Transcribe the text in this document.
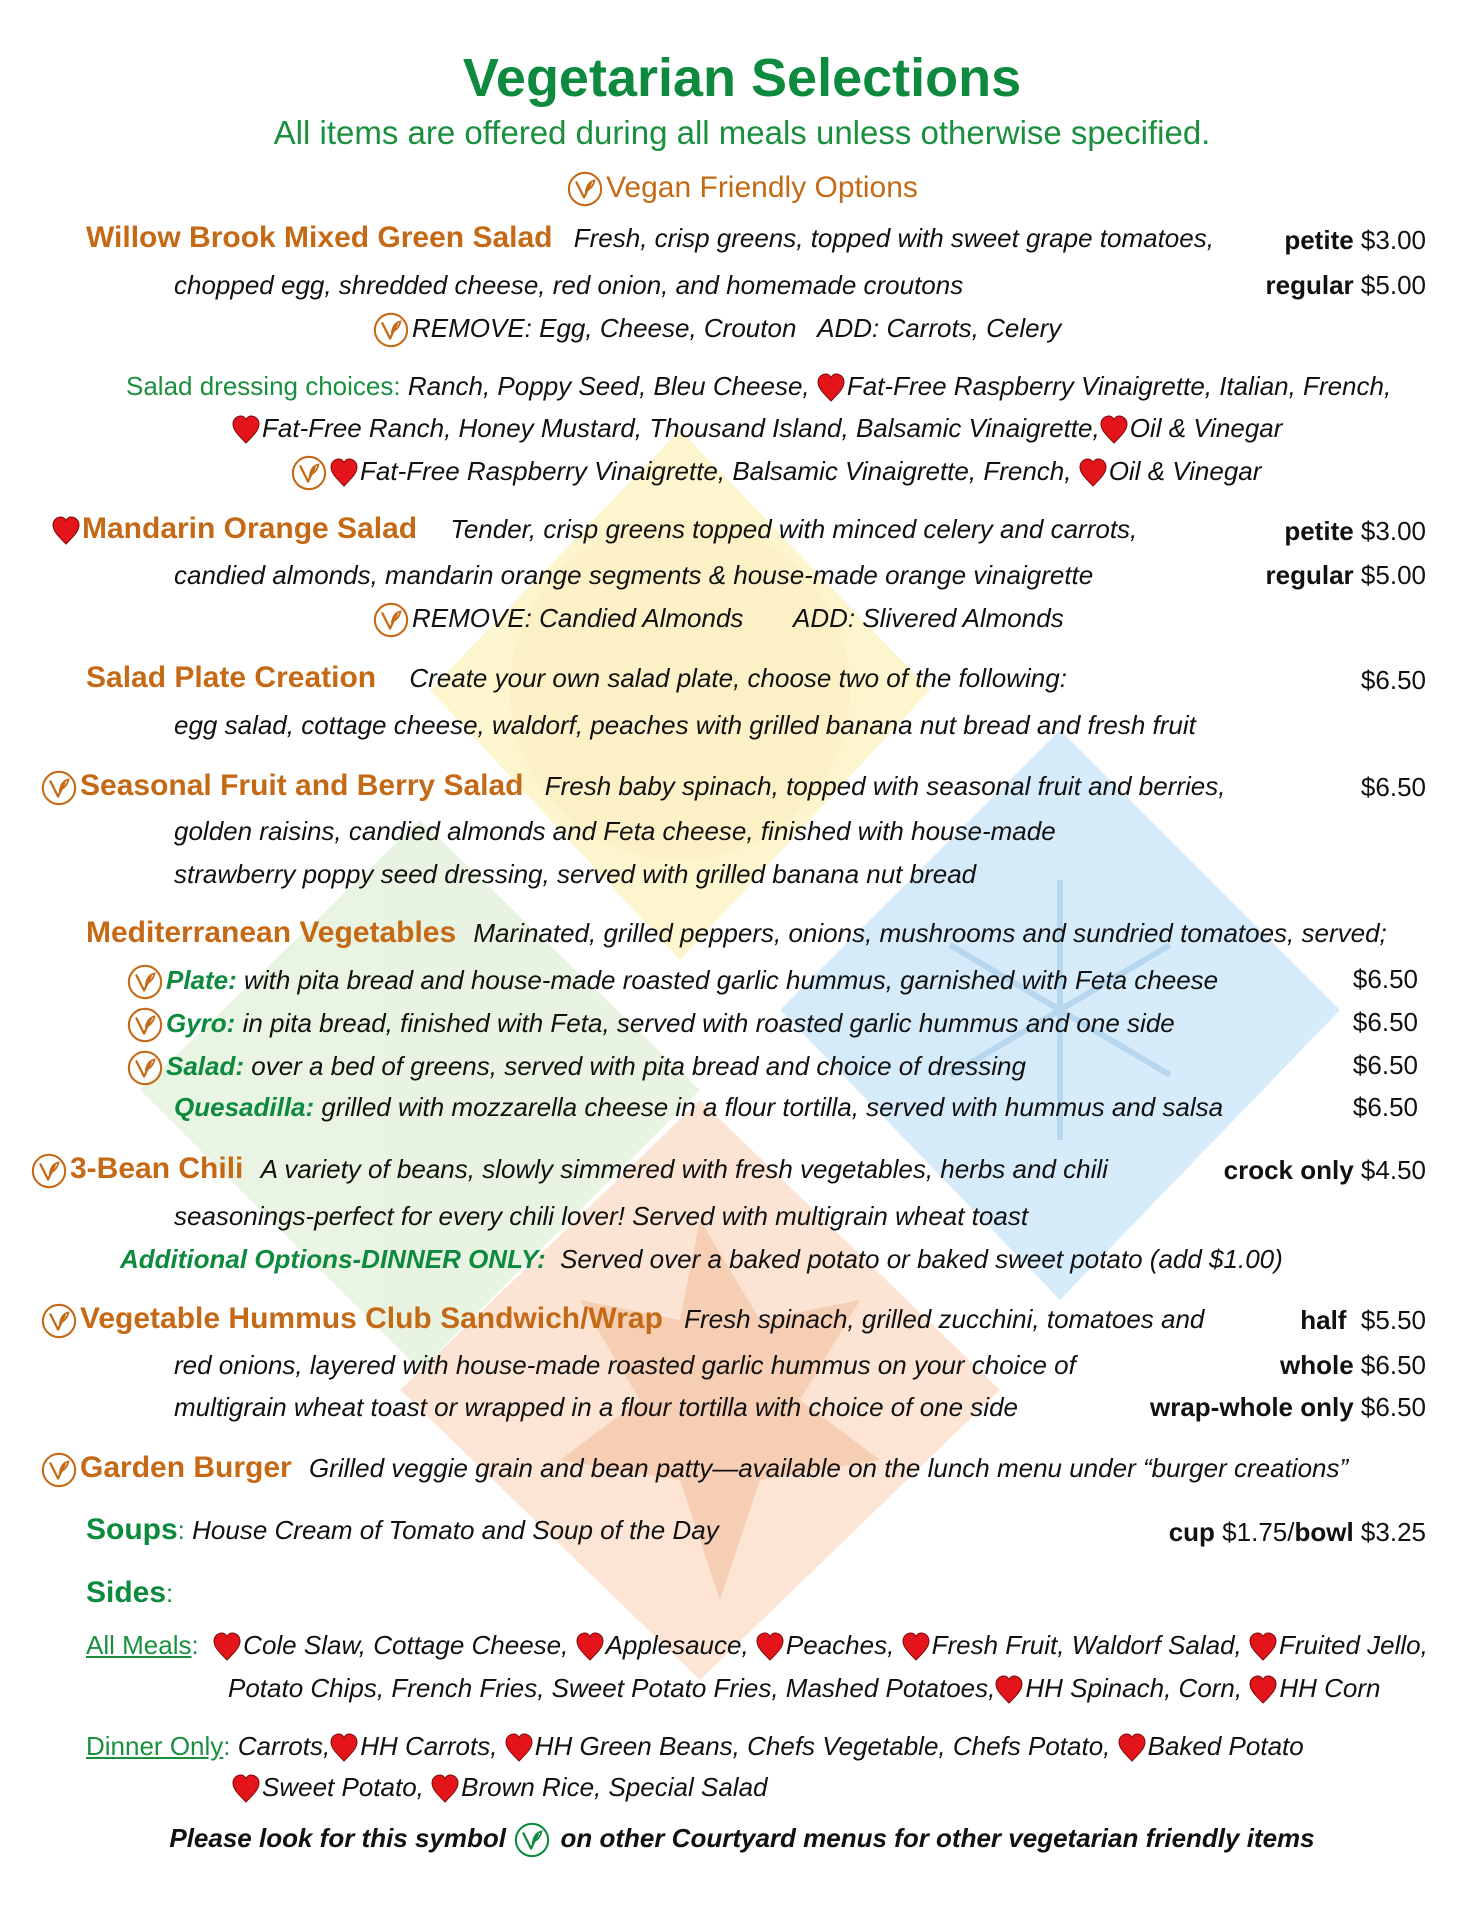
Vegetarian Selections
All items are offered during all meals unless otherwise specified.
Vegan Friendly Options
Willow Brook Mixed Green Salad Fresh, crisp greens, topped with sweet grape tomatoes,	petite $3.00
chopped egg, shredded cheese, red onion, and homemade croutons	regular $5.00
REMOVE: Egg, Cheese, Crouton   ADD: Carrots, Celery
Salad dressing choices: Ranch, Poppy Seed, Bleu Cheese,
Fat-Free Raspberry Vinaigrette, Italian, French,
Fat-Free Ranch, Honey Mustard, Thousand Island, Balsamic Vinaigrette, Oil & Vinegar
Fat-Free Raspberry Vinaigrette, Balsamic Vinaigrette, French,
Oil & Vinegar
Mandarin Orange Salad Tender, crisp greens topped with minced celery and carrots,	petite $3.00
candied almonds, mandarin orange segments & house-made orange vinaigrette	regular $5.00
REMOVE: Candied Almonds       ADD: Slivered Almonds
Salad Plate Creation Create your own salad plate, choose two of the following:	$6.50
egg salad, cottage cheese, waldorf, peaches with grilled banana nut bread and fresh fruit
Seasonal Fruit and Berry Salad Fresh baby spinach, topped with seasonal fruit and berries,	$6.50
golden raisins, candied almonds and Feta cheese, finished with house-made
strawberry poppy seed dressing, served with grilled banana nut bread
Mediterranean Vegetables Marinated, grilled peppers, onions, mushrooms and sundried tomatoes, served;
Plate: with pita bread and house-made roasted garlic hummus, garnished with Feta cheese	$6.50
Gyro: in pita bread, finished with Feta, served with roasted garlic hummus and one side	$6.50
Salad: over a bed of greens, served with pita bread and choice of dressing	$6.50
Quesadilla: grilled with mozzarella cheese in a flour tortilla, served with hummus and salsa	$6.50
3-Bean Chili A variety of beans, slowly simmered with fresh vegetables, herbs and chili	crock only $4.50
seasonings-perfect for every chili lover! Served with multigrain wheat toast
Additional Options-DINNER ONLY: Served over a baked potato or baked sweet potato (add $1.00)
Vegetable Hummus Club Sandwich/Wrap Fresh spinach, grilled zucchini, tomatoes and	half $5.50
red onions, layered with house-made roasted garlic hummus on your choice of	whole $6.50
multigrain wheat toast or wrapped in a flour tortilla with choice of one side	wrap-whole only $6.50
Garden Burger Grilled veggie grain and bean patty—available on the lunch menu under “burger creations”
Soups: House Cream of Tomato and Soup of the Day	cup $1.75/bowl $3.25
Sides:
All Meals: Cole Slaw, Cottage Cheese,
Applesauce,
Peaches,
Fresh Fruit, Waldorf Salad,
Fruited Jello,
Potato Chips, French Fries, Sweet Potato Fries, Mashed Potatoes, HH Spinach, Corn,
HH Corn
Dinner Only: Carrots, HH Carrots,
HH Green Beans, Chefs Vegetable, Chefs Potato,
Baked Potato
Sweet Potato,
Brown Rice, Special Salad
Please look for this symbol
on other Courtyard menus for other vegetarian friendly items
